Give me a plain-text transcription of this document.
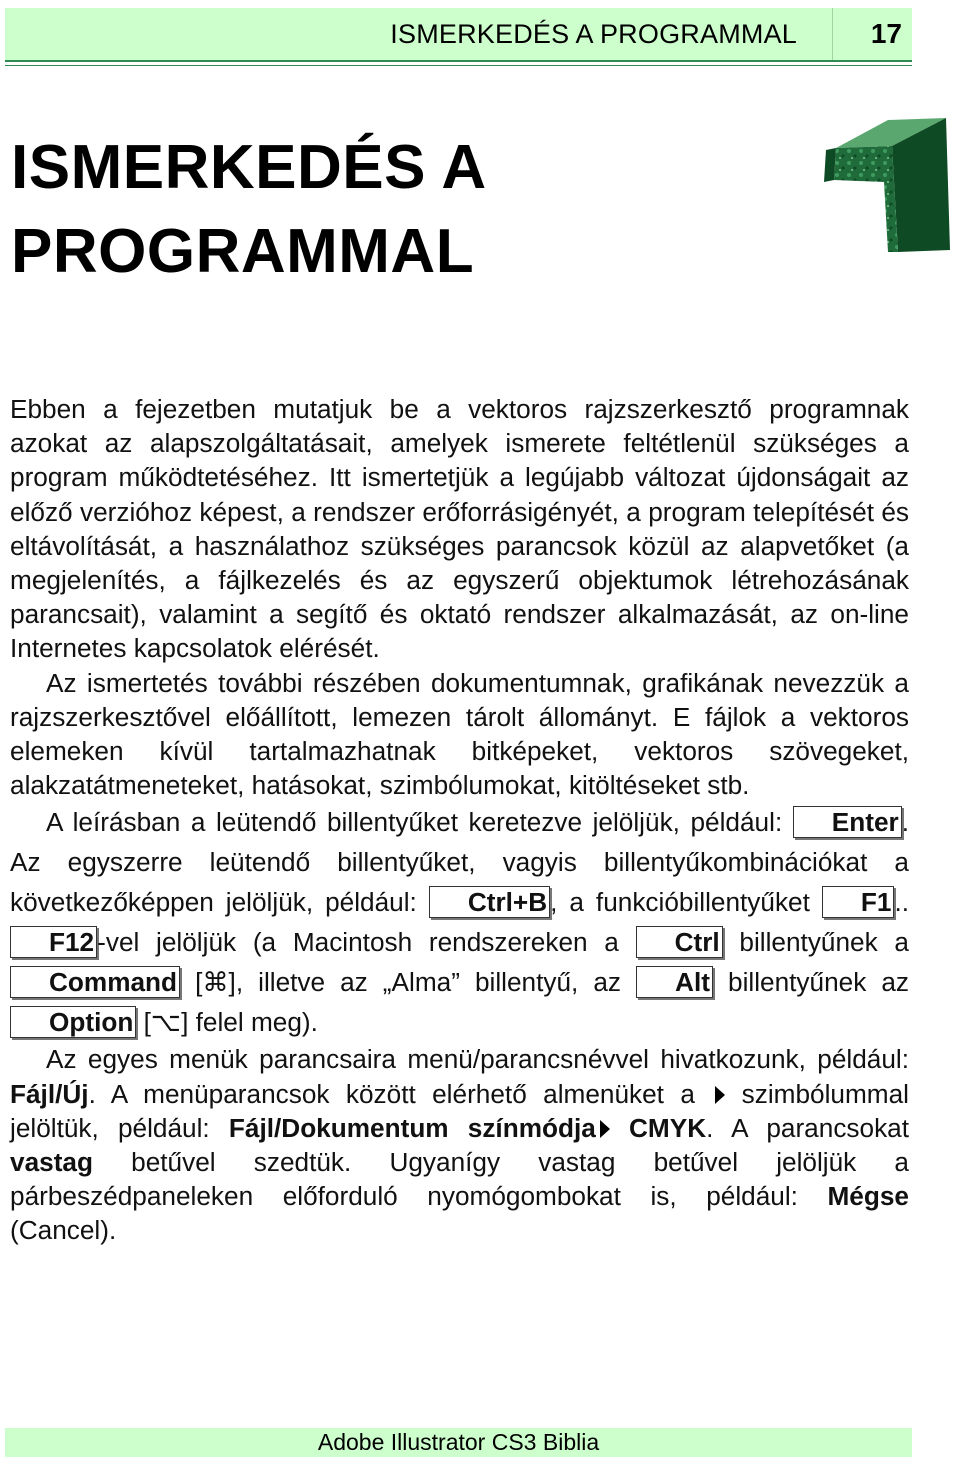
ISMERKEDÉS A PROGRAMMAL	17
ISMERKEDÉS A
PROGRAMMAL

Ebben a fejezetben mutatjuk be a vektoros rajzszerkesztő programnak azokat az alapszolgáltatásait, amelyek ismerete feltétlenül szükséges a program működtetéséhez. Itt ismertetjük a legújabb változat újdonságait az előző verzióhoz képest, a rendszer erőforrásigényét, a program telepítését és eltávolítását, a használathoz szükséges parancsok közül az alapvetőket (a megjelenítés, a fájlkezelés és az egyszerű objektumok létrehozásának parancsait), valamint a segítő és oktató rendszer alkalmazását, az on-line Internetes kapcsolatok elérését.

Az ismertetés további részében dokumentumnak, grafikának nevezzük a rajzszerkesztővel előállított, lemezen tárolt állományt. E fájlok a vektoros elemeken kívül tartalmazhatnak bitképeket, vektoros szövegeket, alakzatátmeneteket, hatásokat, szimbólumokat, kitöltéseket stb.

A leírásban a leütendő billentyűket keretezve jelöljük, például: Enter . Az egyszerre leütendő billentyűket, vagyis billentyűkombinációkat a következőképpen jelöljük, például: Ctrl+B , a funkcióbillentyűket F1 ..F12 -vel jelöljük (a Macintosh rendszereken a Ctrl billentyűnek a Command [⌘], illetve az „Alma” billentyű, az Alt billentyűnek az Option [⌥] felel meg).

Az egyes menük parancsaira menü/parancsnévvel hivatkozunk, például: Fájl/Új. A menüparancsok között elérhető almenüket a  szimbólummal jelöltük, például: Fájl/Dokumentum színmódja CMYK. A parancsokat vastag betűvel szedtük. Ugyanígy vastag betűvel jelöljük a párbeszédpaneleken előforduló nyomógombokat is, például: Mégse (Cancel).

Adobe Illustrator CS3 Biblia
